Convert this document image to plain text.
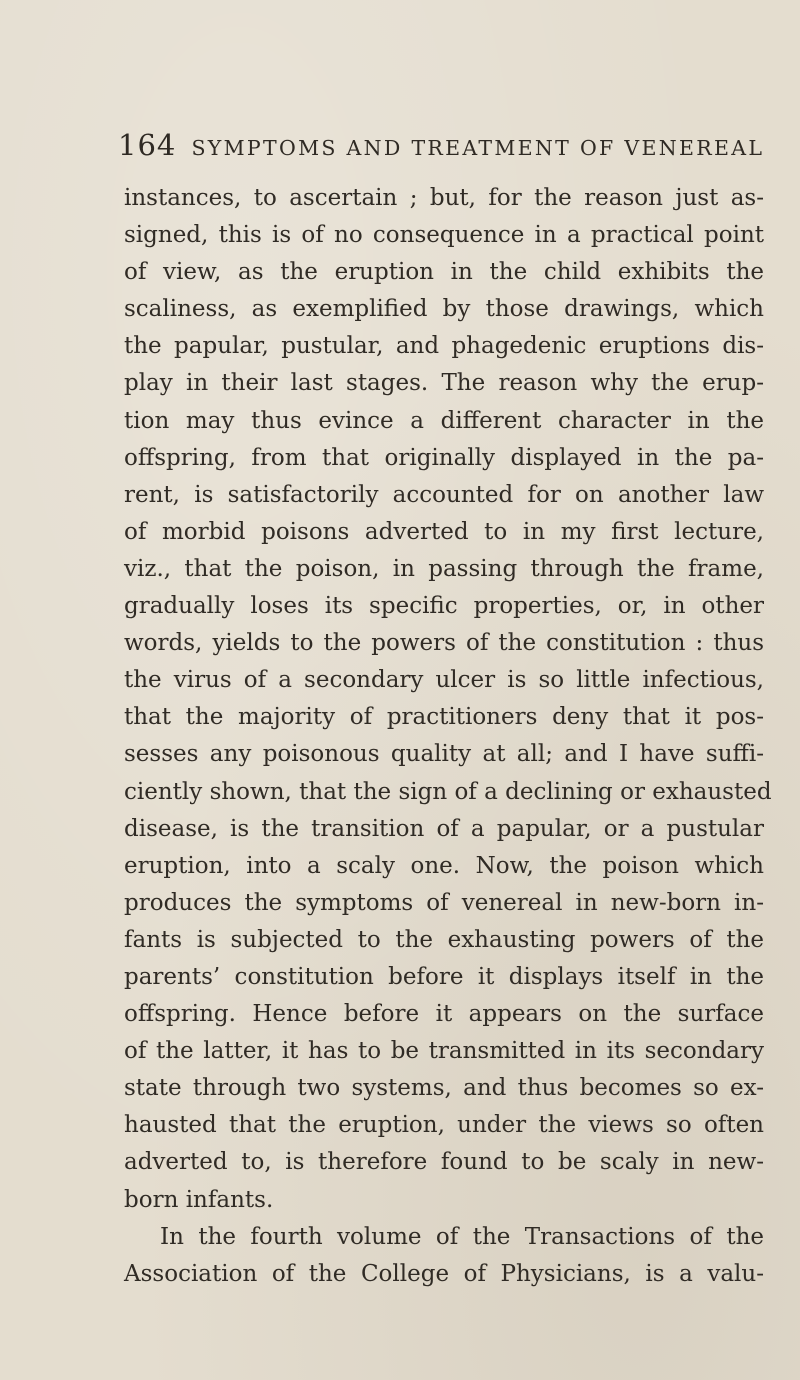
164 SYMPTOMS AND TREATMENT OF VENEREAL
instances, to ascertain ; but, for the reason just as-
signed, this is of no consequence in a practical point
of view, as the eruption in the child exhibits the
scaliness, as exemplified by those drawings, which
the papular, pustular, and phagedenic eruptions dis-
play in their last stages. The reason why the erup-
tion may thus evince a different character in the
offspring, from that originally displayed in the pa-
rent, is satisfactorily accounted for on another law
of morbid poisons adverted to in my first lecture,
viz., that the poison, in passing through the frame,
gradually loses its specific properties, or, in other
words, yields to the powers of the constitution : thus
the virus of a secondary ulcer is so little infectious,
that the majority of practitioners deny that it pos-
sesses any poisonous quality at all; and I have suffi-
ciently shown, that the sign of a declining or exhausted
disease, is the transition of a papular, or a pustular
eruption, into a scaly one. Now, the poison which
produces the symptoms of venereal in new-born in-
fants is subjected to the exhausting powers of the
parents’ constitution before it displays itself in the
offspring. Hence before it appears on the surface
of the latter, it has to be transmitted in its secondary
state through two systems, and thus becomes so ex-
hausted that the eruption, under the views so often
adverted to, is therefore found to be scaly in new-
born infants.
In the fourth volume of the Transactions of the
Association of the College of Physicians, is a valu-
